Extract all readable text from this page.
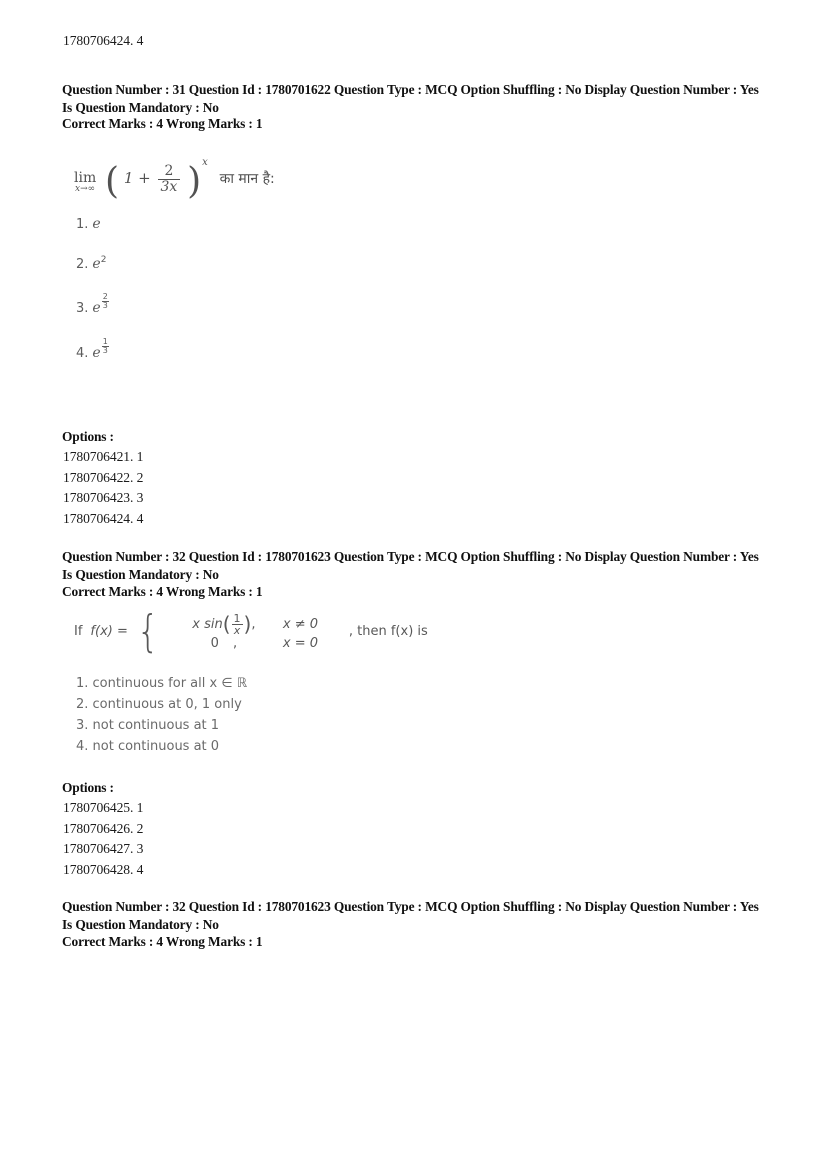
1780706424. 4
Question Number : 31 Question Id : 1780701622 Question Type : MCQ Option Shuffling : No Display Question Number : Yes
Is Question Mandatory : No
Correct Marks : 4 Wrong Marks : 1
lim
x→∞ ( $1 + \frac{2}{3x} )^x$ का मान है:
1. e
2. $e^2$
3. e $\frac{2}{3}$
4. e $\frac{1}{3}$
Options :
1780706421. 1
1780706422. 2
1780706423. 3
1780706424. 4
Question Number : 32 Question Id : 1780701623 Question Type : MCQ Option Shuffling : No Display Question Number : Yes
Is Question Mandatory : No
Correct Marks : 4 Wrong Marks : 1
If f(x) = {	x sin ( $\frac{1}{x}$ ) , x ≠ 0
0 ,	x = 0
, then f(x) is
1. continuous for all x ∈ ℝ
2. continuous at 0, 1 only
3. not continuous at 1
4. not continuous at 0
Options :
1780706425. 1
1780706426. 2
1780706427. 3
1780706428. 4
Question Number : 32 Question Id : 1780701623 Question Type : MCQ Option Shuffling : No Display Question Number : Yes
Is Question Mandatory : No
Correct Marks : 4 Wrong Marks : 1
